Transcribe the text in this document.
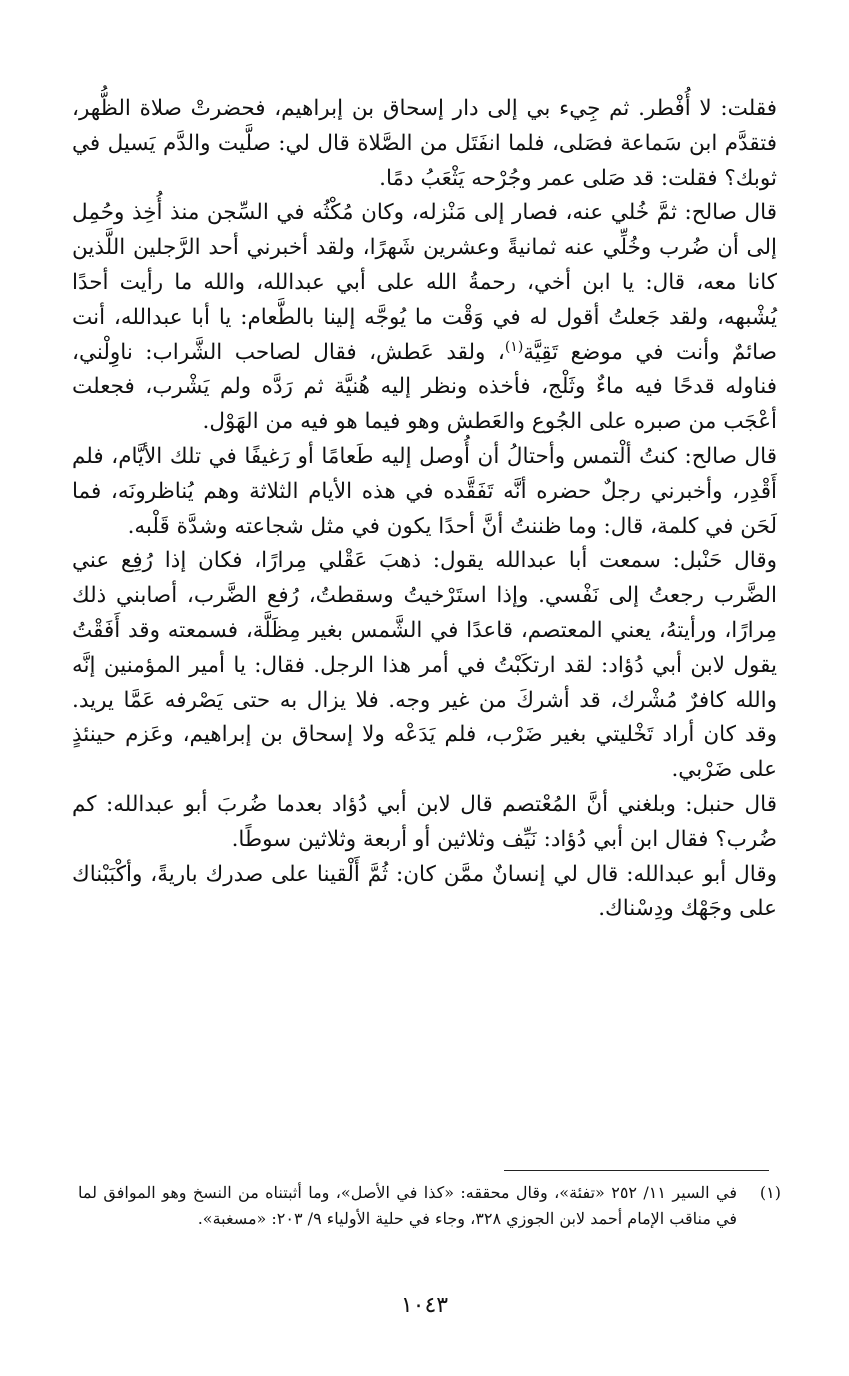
فقلت: لا أُفْطر. ثم جِيء بي إلى دار إسحاق بن إبراهيم، فحضرتْ صلاة الظُّهر، فتقدَّم ابن سَماعة فصَلى، فلما انفَتَل من الصَّلاة قال لي: صلَّيت والدَّم يَسيل في ثوبك؟ فقلت: قد صَلى عمر وجُرْحه يَثْعَبُ دمًا.

قال صالح: ثمَّ خُلي عنه، فصار إلى مَنْزله، وكان مُكْثُه في السِّجن منذ أُخِذ وحُمِل إلى أن ضُرب وخُلِّي عنه ثمانيةً وعشرين شَهرًا، ولقد أخبرني أحد الرَّجلين اللَّذين كانا معه، قال: يا ابن أخي، رحمةُ الله على أبي عبدالله، والله ما رأيت أحدًا يُشْبهه، ولقد جَعلتُ أقول له في وَقْت ما يُوجَّه إلينا بالطَّعام: يا أبا عبدالله، أنت صائمٌ وأنت في موضع تَقِيَّة$^{(١)}$، ولقد عَطش، فقال لصاحب الشَّراب: ناوِلْني، فناوله قدحًا فيه ماءٌ وثَلْج، فأخذه ونظر إليه هُنيَّة ثم رَدَّه ولم يَشْرب، فجعلت أعْجَب من صبره على الجُوع والعَطش وهو فيما هو فيه من الهَوْل.

قال صالح: كنتُ ألْتمس وأحتالُ أن أُوصل إليه طَعامًا أو رَغيفًا في تلك الأيَّام، فلم أَقْدِر، وأخبرني رجلٌ حضره أنَّه تَفَقَّده في هذه الأيام الثلاثة وهم يُناظرونَه، فما لَحَن في كلمة، قال: وما ظننتُ أنَّ أحدًا يكون في مثل شجاعته وشدَّة قَلْبه.

وقال حَنْبل: سمعت أبا عبدالله يقول: ذهبَ عَقْلي مِرارًا، فكان إذا رُفِع عني الضَّرب رجعتُ إلى نَفْسي. وإذا استَرْخيتُ وسقطتُ، رُفع الضَّرب، أصابني ذلك مِرارًا، ورأيتهُ، يعني المعتصم، قاعدًا في الشَّمس بغير مِظَلَّة، فسمعته وقد أَفَقْتُ يقول لابن أبي دُؤاد: لقد ارتكَبْتُ في أمر هذا الرجل. فقال: يا أمير المؤمنين إنَّه والله كافرٌ مُشْرك، قد أشركَ من غير وجه. فلا يزال به حتى يَصْرفه عَمَّا يريد. وقد كان أراد تَخْليتي بغير ضَرْب، فلم يَدَعْه ولا إسحاق بن إبراهيم، وعَزم حينئذٍ على ضَرْبي.

قال حنبل: وبلغني أنَّ المُعْتصم قال لابن أبي دُؤاد بعدما ضُربَ أبو عبدالله: كم ضُرب؟ فقال ابن أبي دُؤاد: نَيِّف وثلاثين أو أربعة وثلاثين سوطًا.

وقال أبو عبدالله: قال لي إنسانٌ ممَّن كان: ثُمَّ أَلْقينا على صدرك باريةً، وأكْبَبْناك على وجَهْك ودِسْناك.

(١)
في السير ١١/ ٢٥٢ «تفئة»، وقال محققه: «كذا في الأصل»، وما أثبتناه من النسخ وهو الموافق لما في مناقب الإمام أحمد لابن الجوزي ٣٢٨، وجاء في حلية الأولياء ٩/ ٢٠٣: «مسغبة».
١٠٤٣
